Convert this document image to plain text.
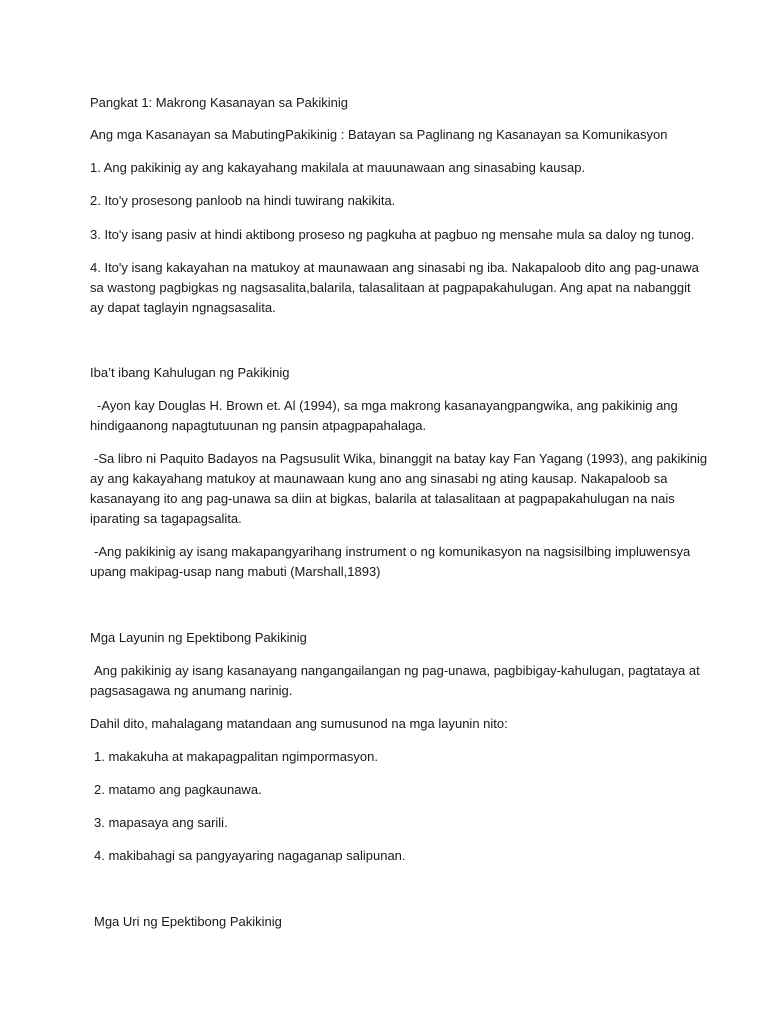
Pangkat 1: Makrong Kasanayan sa Pakikinig
Ang mga Kasanayan sa MabutingPakikinig : Batayan sa Paglinang ng Kasanayan sa Komunikasyon
1. Ang pakikinig ay ang kakayahang makilala at mauunawaan ang sinasabing kausap.
2. Ito'y prosesong panloob na hindi tuwirang nakikita.
3. Ito'y isang pasiv at hindi aktibong proseso ng pagkuha at pagbuo ng mensahe mula sa daloy ng tunog.
4. Ito'y isang kakayahan na matukoy at maunawaan ang sinasabi ng iba. Nakapaloob dito ang pag-unawa
sa wastong pagbigkas ng nagsasalita,balarila, talasalitaan at pagpapakahulugan. Ang apat na nabanggit
ay dapat taglayin ngnagsasalita.
Iba’t ibang Kahulugan ng Pakikinig
-Ayon kay Douglas H. Brown et. Al (1994), sa mga makrong kasanayangpangwika, ang pakikinig ang
hindigaanong napagtutuunan ng pansin atpagpapahalaga.
-Sa libro ni Paquito Badayos na Pagsusulit Wika, binanggit na batay kay Fan Yagang (1993), ang pakikinig
ay ang kakayahang matukoy at maunawaan kung ano ang sinasabi ng ating kausap. Nakapaloob sa
kasanayang ito ang pag-unawa sa diin at bigkas, balarila at talasalitaan at pagpapakahulugan na nais
iparating sa tagapagsalita.
-Ang pakikinig ay isang makapangyarihang instrument o ng komunikasyon na nagsisilbing impluwensya
upang makipag-usap nang mabuti (Marshall,1893)
Mga Layunin ng Epektibong Pakikinig
Ang pakikinig ay isang kasanayang nangangailangan ng pag-unawa, pagbibigay-kahulugan, pagtataya at
pagsasagawa ng anumang narinig.
Dahil dito, mahalagang matandaan ang sumusunod na mga layunin nito:
1. makakuha at makapagpalitan ngimpormasyon.
2. matamo ang pagkaunawa.
3. mapasaya ang sarili.
4. makibahagi sa pangyayaring nagaganap salipunan.
Mga Uri ng Epektibong Pakikinig
